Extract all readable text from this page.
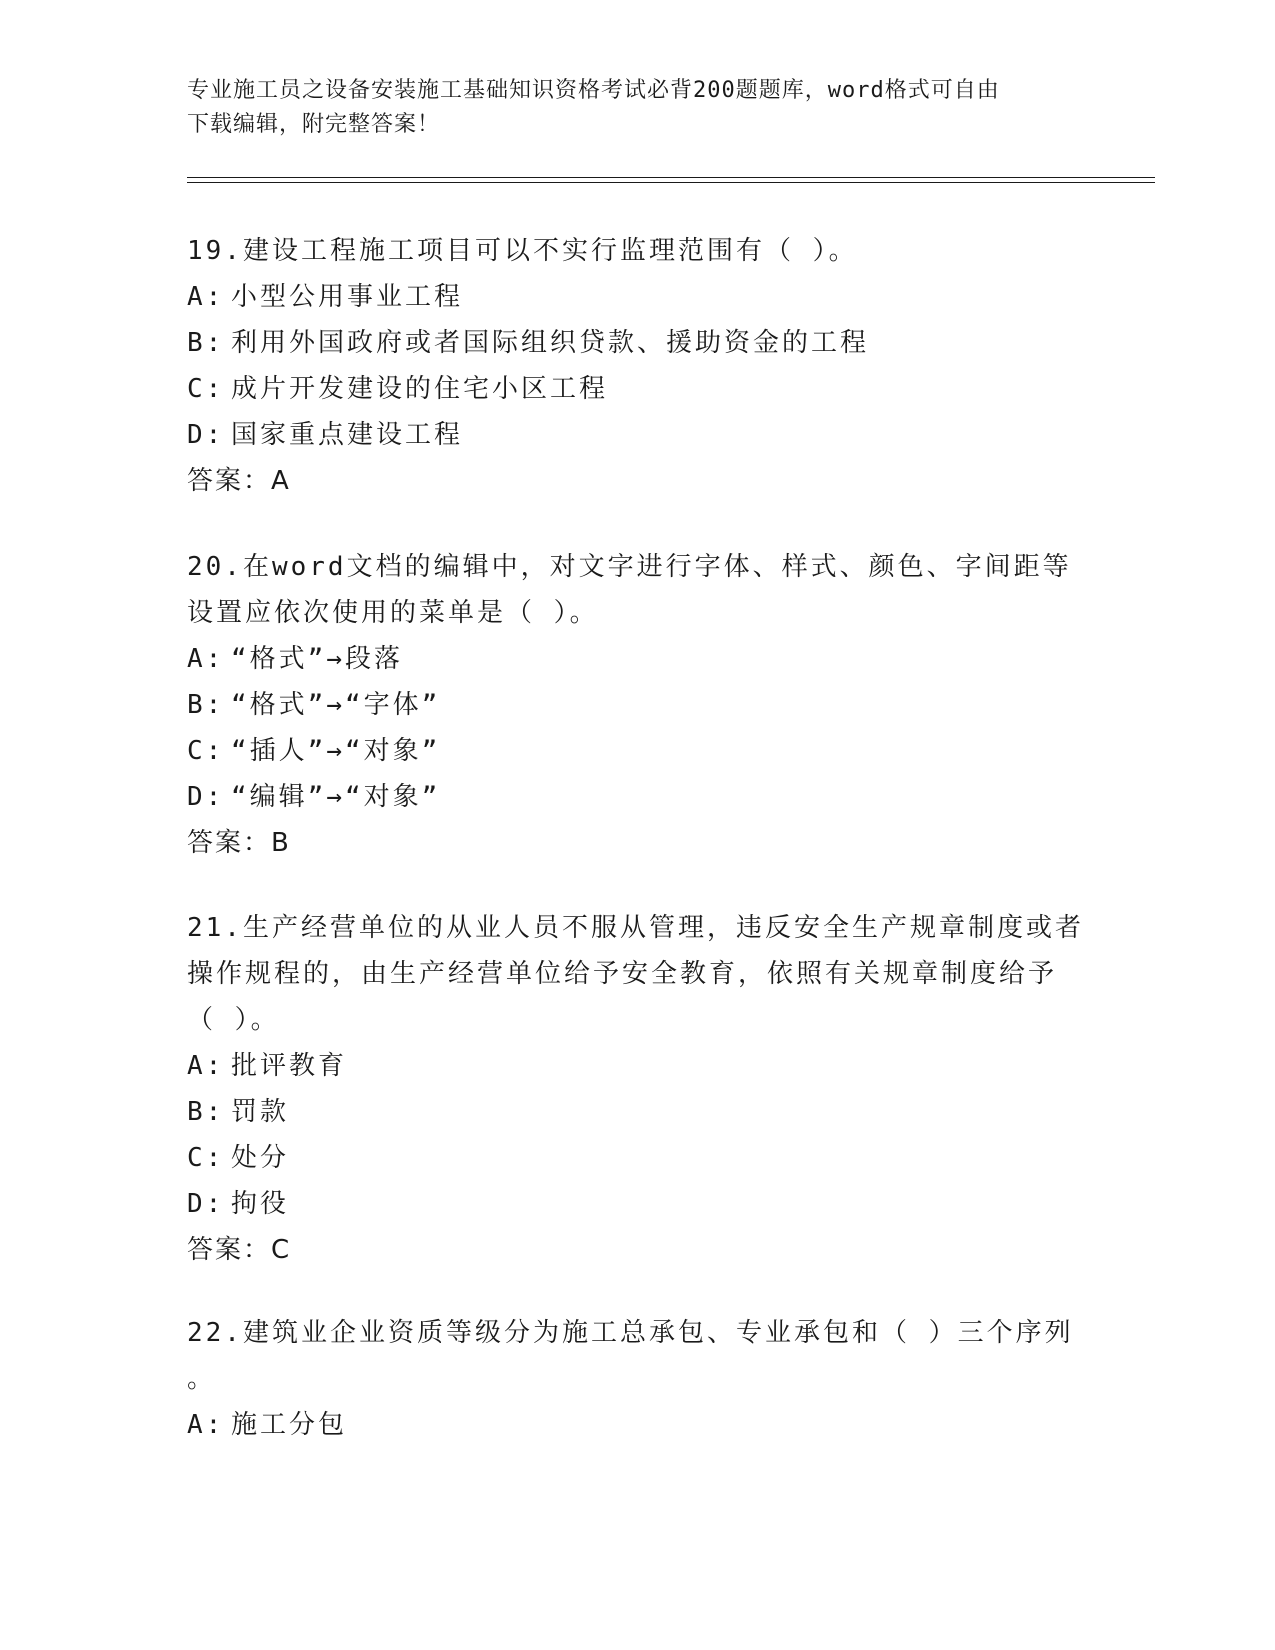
专业施工员之设备安装施工基础知识资格考试必背200题题库，word格式可自由
下载编辑，附完整答案！

19.建设工程施工项目可以不实行监理范围有（ ）。

A: 小型公用事业工程

B: 利用外国政府或者国际组织贷款、援助资金的工程

C: 成片开发建设的住宅小区工程

D: 国家重点建设工程

答案：A

20.在word文档的编辑中，对文字进行字体、样式、颜色、字间距等

设置应依次使用的菜单是（ ）。

A: “格式”→段落

B: “格式”→“字体”

C: “插人”→“对象”

D: “编辑”→“对象”

答案：B

21.生产经营单位的从业人员不服从管理，违反安全生产规章制度或者

操作规程的，由生产经营单位给予安全教育，依照有关规章制度给予

（ ）。

A: 批评教育

B: 罚款

C: 处分

D: 拘役

答案：C

22.建筑业企业资质等级分为施工总承包、专业承包和（ ）三个序列

。

A: 施工分包
